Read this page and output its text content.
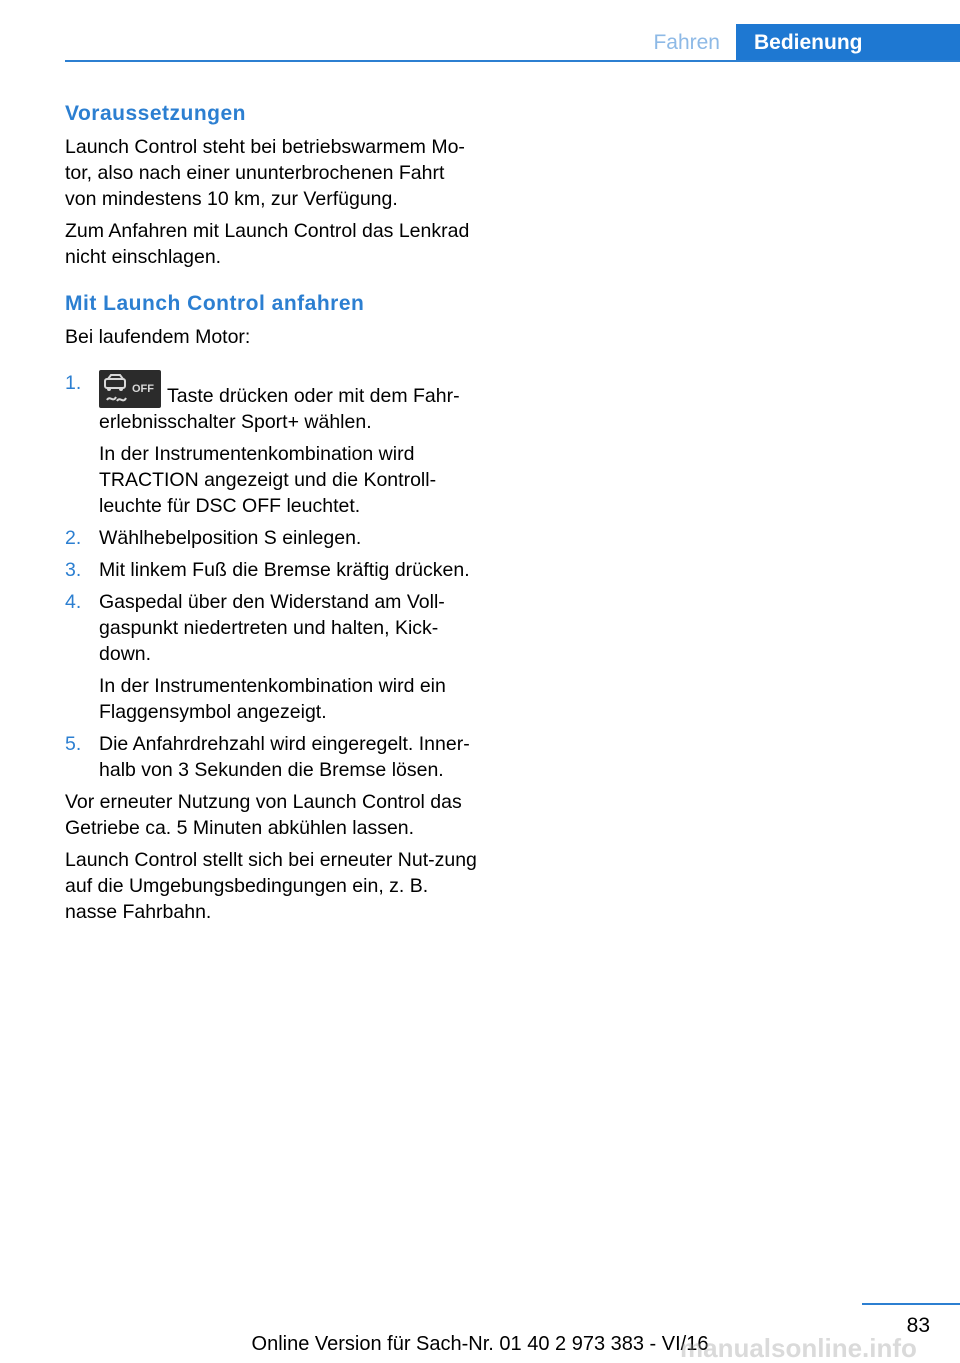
Fahren	Bedienung
Voraussetzungen

Launch Control steht bei betriebswarmem Mo-tor, also nach einer ununterbrochenen Fahrt von mindestens 10 km, zur Verfügung.

Zum Anfahren mit Launch Control das Lenkrad nicht einschlagen.

Mit Launch Control anfahren

Bei laufendem Motor:

1.	OFF Taste drücken oder mit dem Fahr-erlebnisschalter Sport+ wählen.
In der Instrumentenkombination wird TRACTION angezeigt und die Kontroll-leuchte für DSC OFF leuchtet.
2. Wählhebelposition S einlegen.
3. Mit linkem Fuß die Bremse kräftig drücken.
4. Gaspedal über den Widerstand am Voll-gaspunkt niedertreten und halten, Kick-down.
In der Instrumentenkombination wird ein Flaggensymbol angezeigt.
5. Die Anfahrdrehzahl wird eingeregelt. Inner-halb von 3 Sekunden die Bremse lösen.

Vor erneuter Nutzung von Launch Control das Getriebe ca. 5 Minuten abkühlen lassen.

Launch Control stellt sich bei erneuter Nut-zung auf die Umgebungsbedingungen ein, z. B. nasse Fahrbahn.

83
Online Version für Sach-Nr. 01 40 2 973 383 - VI/16
manualsonline.info
